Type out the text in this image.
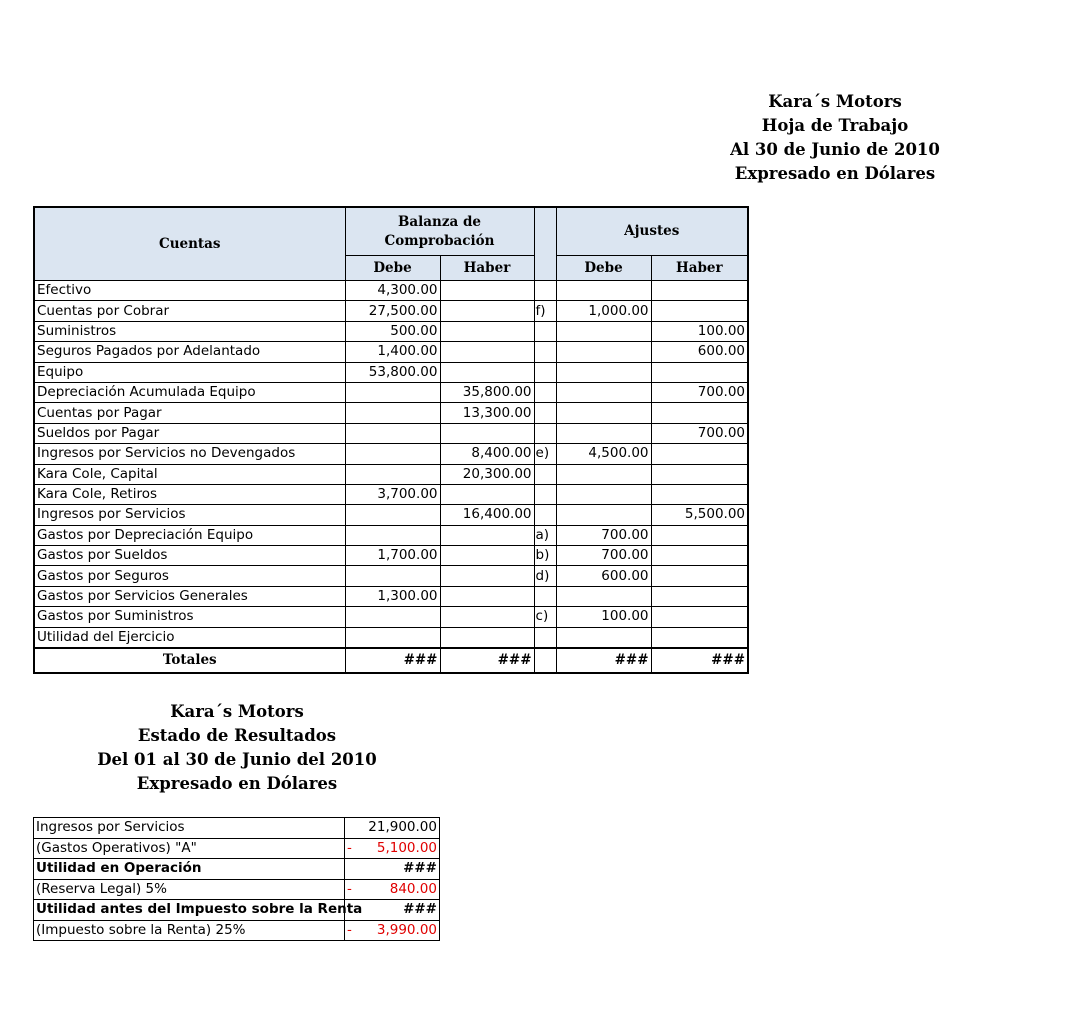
Kara´s Motors
Hoja de Trabajo
Al 30 de Junio de 2010
Expresado en Dólares
Cuentas	Balanza de Comprobación			Ajustes	
	Debe	Haber		Debe	Haber
Efectivo	4,300.00				
Cuentas por Cobrar	27,500.00		f)	1,000.00	
Suministros	500.00				100.00
Seguros Pagados por Adelantado	1,400.00				600.00
Equipo	53,800.00				
Depreciación Acumulada Equipo		35,800.00			700.00
Cuentas por Pagar		13,300.00			
Sueldos por Pagar					700.00
Ingresos por Servicios no Devengados		8,400.00	e)	4,500.00	
Kara Cole, Capital		20,300.00			
Kara Cole, Retiros	3,700.00				
Ingresos por Servicios		16,400.00			5,500.00
Gastos por Depreciación Equipo			a)	700.00	
Gastos por Sueldos	1,700.00		b)	700.00	
Gastos por Seguros			d)	600.00	
Gastos por Servicios Generales	1,300.00				
Gastos por Suministros			c)	100.00	
Utilidad del Ejercicio					
Totales	###	###		###	###
Kara´s Motors
Estado de Resultados
Del 01 al 30 de Junio del 2010
Expresado en Dólares
Ingresos por Servicios	21,900.00
(Gastos Operativos) "A"	- 5,100.00
Utilidad en Operación	###
(Reserva Legal) 5%	- 840.00
Utilidad antes del Impuesto sobre la Renta	###
(Impuesto sobre la Renta) 25%	- 3,990.00
